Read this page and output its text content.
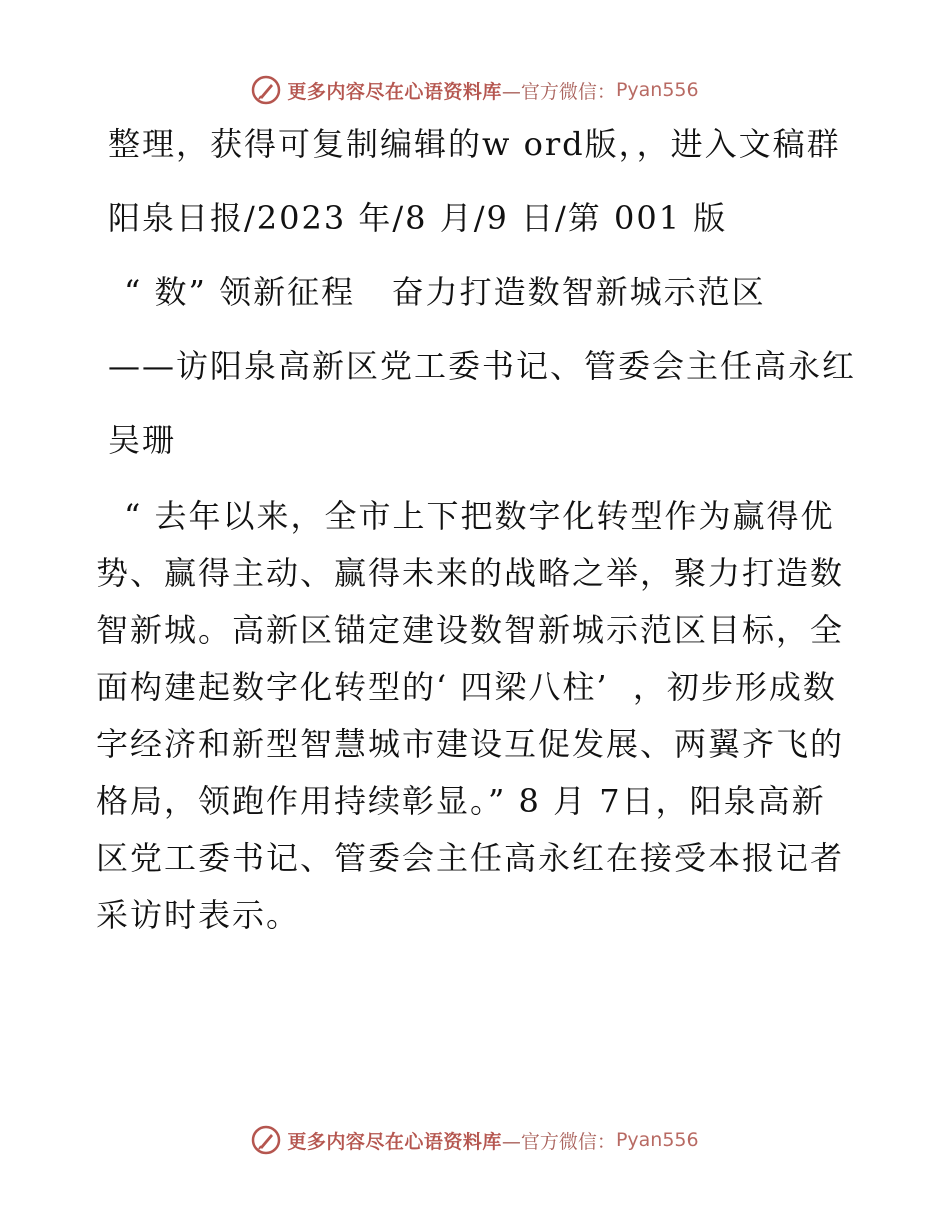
更多内容尽在心语资料库 —官方微信： Pyan556

整理，获得可复制编辑的w ord版，，进入文稿群

阳泉日报/2023 年/8 月/9 日/第 001 版

“ 数” 领新征程   奋力打造数智新城示范区

——访阳泉高新区党工委书记、管委会主任高永红

吴珊

“ 去年以来，全市上下把数字化转型作为赢得优势、赢得主动、赢得未来的战略之举，聚力打造数智新城。高新区锚定建设数智新城示范区目标，全面构建起数字化转型的‘ 四梁八柱’  ，初步形成数字经济和新型智慧城市建设互促发展、两翼齐飞的格局，领跑作用持续彰显。” 8 月 7日，阳泉高新区党工委书记、管委会主任高永红在接受本报记者采访时表示。

更多内容尽在心语资料库 —官方微信： Pyan556
